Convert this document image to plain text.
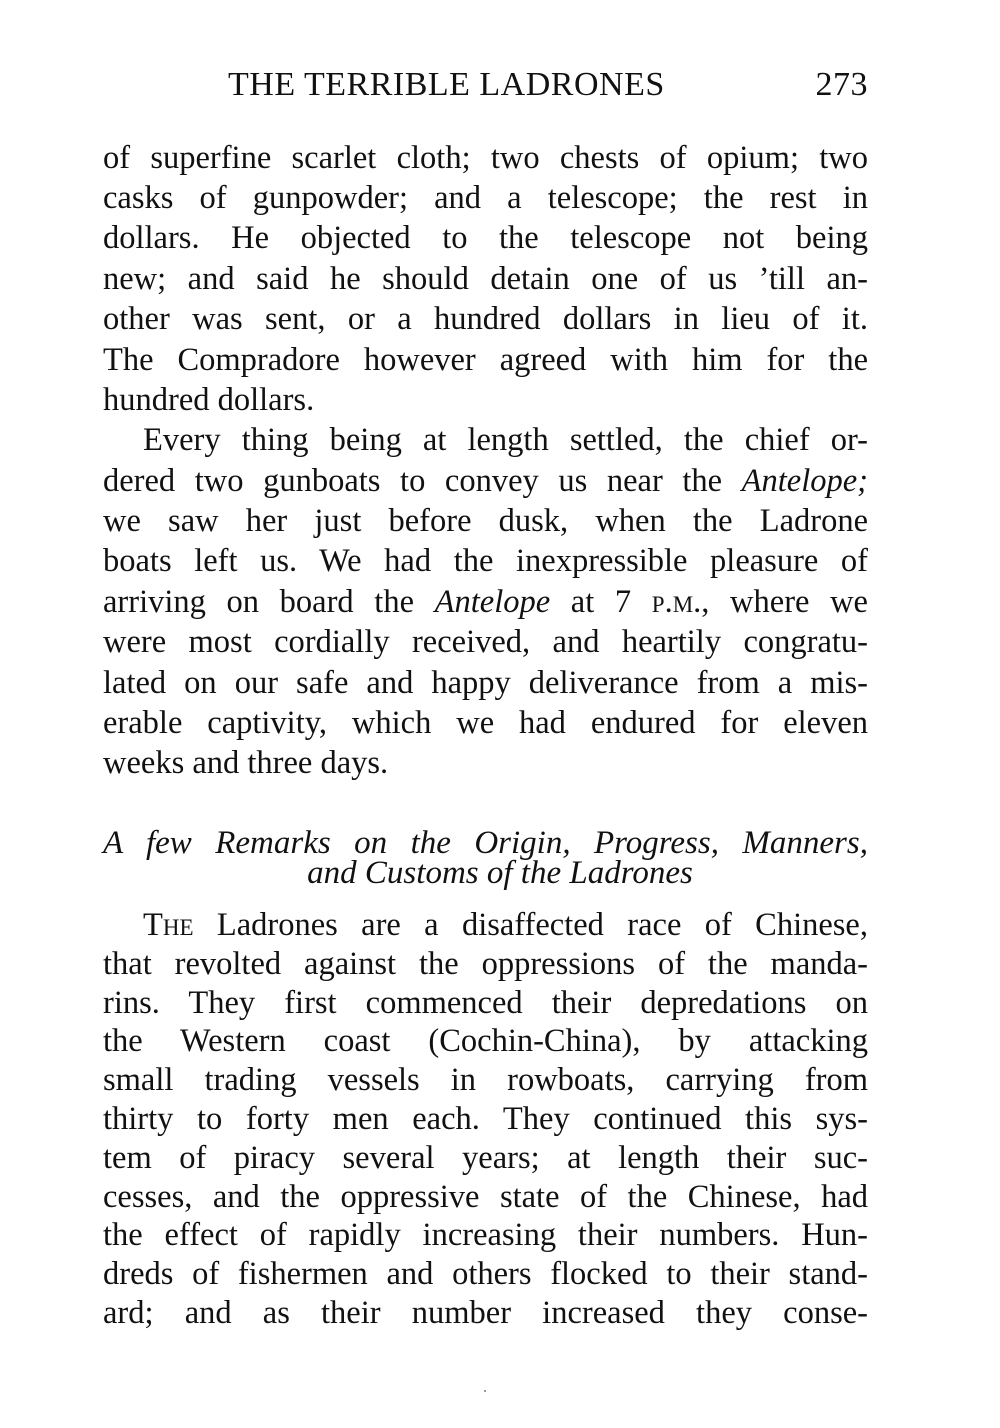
THE TERRIBLE LADRONES	273
of superfine scarlet cloth; two chests of opium; two
casks of gunpowder; and a telescope; the rest in
dollars. He objected to the telescope not being
new; and said he should detain one of us ’till an-
other was sent, or a hundred dollars in lieu of it.
The Compradore however agreed with him for the
hundred dollars.
Every thing being at length settled, the chief or-
dered two gunboats to convey us near the Antelope;
we saw her just before dusk, when the Ladrone
boats left us. We had the inexpressible pleasure of
arriving on board the Antelope at 7 p.m., where we
were most cordially received, and heartily congratu-
lated on our safe and happy deliverance from a mis-
erable captivity, which we had endured for eleven
weeks and three days.
A few Remarks on the Origin, Progress, Manners,
and Customs of the Ladrones
The Ladrones are a disaffected race of Chinese,
that revolted against the oppressions of the manda-
rins. They first commenced their depredations on
the Western coast (Cochin-China), by attacking
small trading vessels in rowboats, carrying from
thirty to forty men each. They continued this sys-
tem of piracy several years; at length their suc-
cesses, and the oppressive state of the Chinese, had
the effect of rapidly increasing their numbers. Hun-
dreds of fishermen and others flocked to their stand-
ard; and as their number increased they conse-
